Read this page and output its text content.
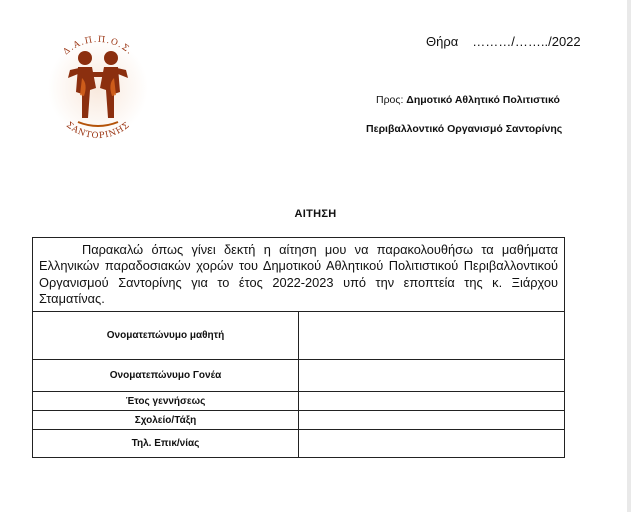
Δ.Α.Π.Π.Ο.Σ.
ΣΑΝΤΟΡΙΝΗΣ
Θήρα ………/……../2022
Προς: Δημοτικό Αθλητικό Πολιτιστικό
Περιβαλλοντικό Οργανισμό Σαντορίνης
ΑΙΤΗΣΗ
Παρακαλώ όπως γίνει δεκτή η αίτηση μου να παρακολουθήσω τα μαθήματα Ελληνικών παραδοσιακών χορών του Δημοτικού Αθλητικού Πολιτιστικού Περιβαλλοντικού Οργανισμού Σαντορίνης για το έτος 2022-2023 υπό την εποπτεία της κ. Ξιάρχου Σταματίνας.	

Ονοματεπώνυμο μαθητή	
Ονοματεπώνυμο Γονέα	
Έτος γεννήσεως	
Σχολείο/Τάξη	
Τηλ. Επικ/νίας	
